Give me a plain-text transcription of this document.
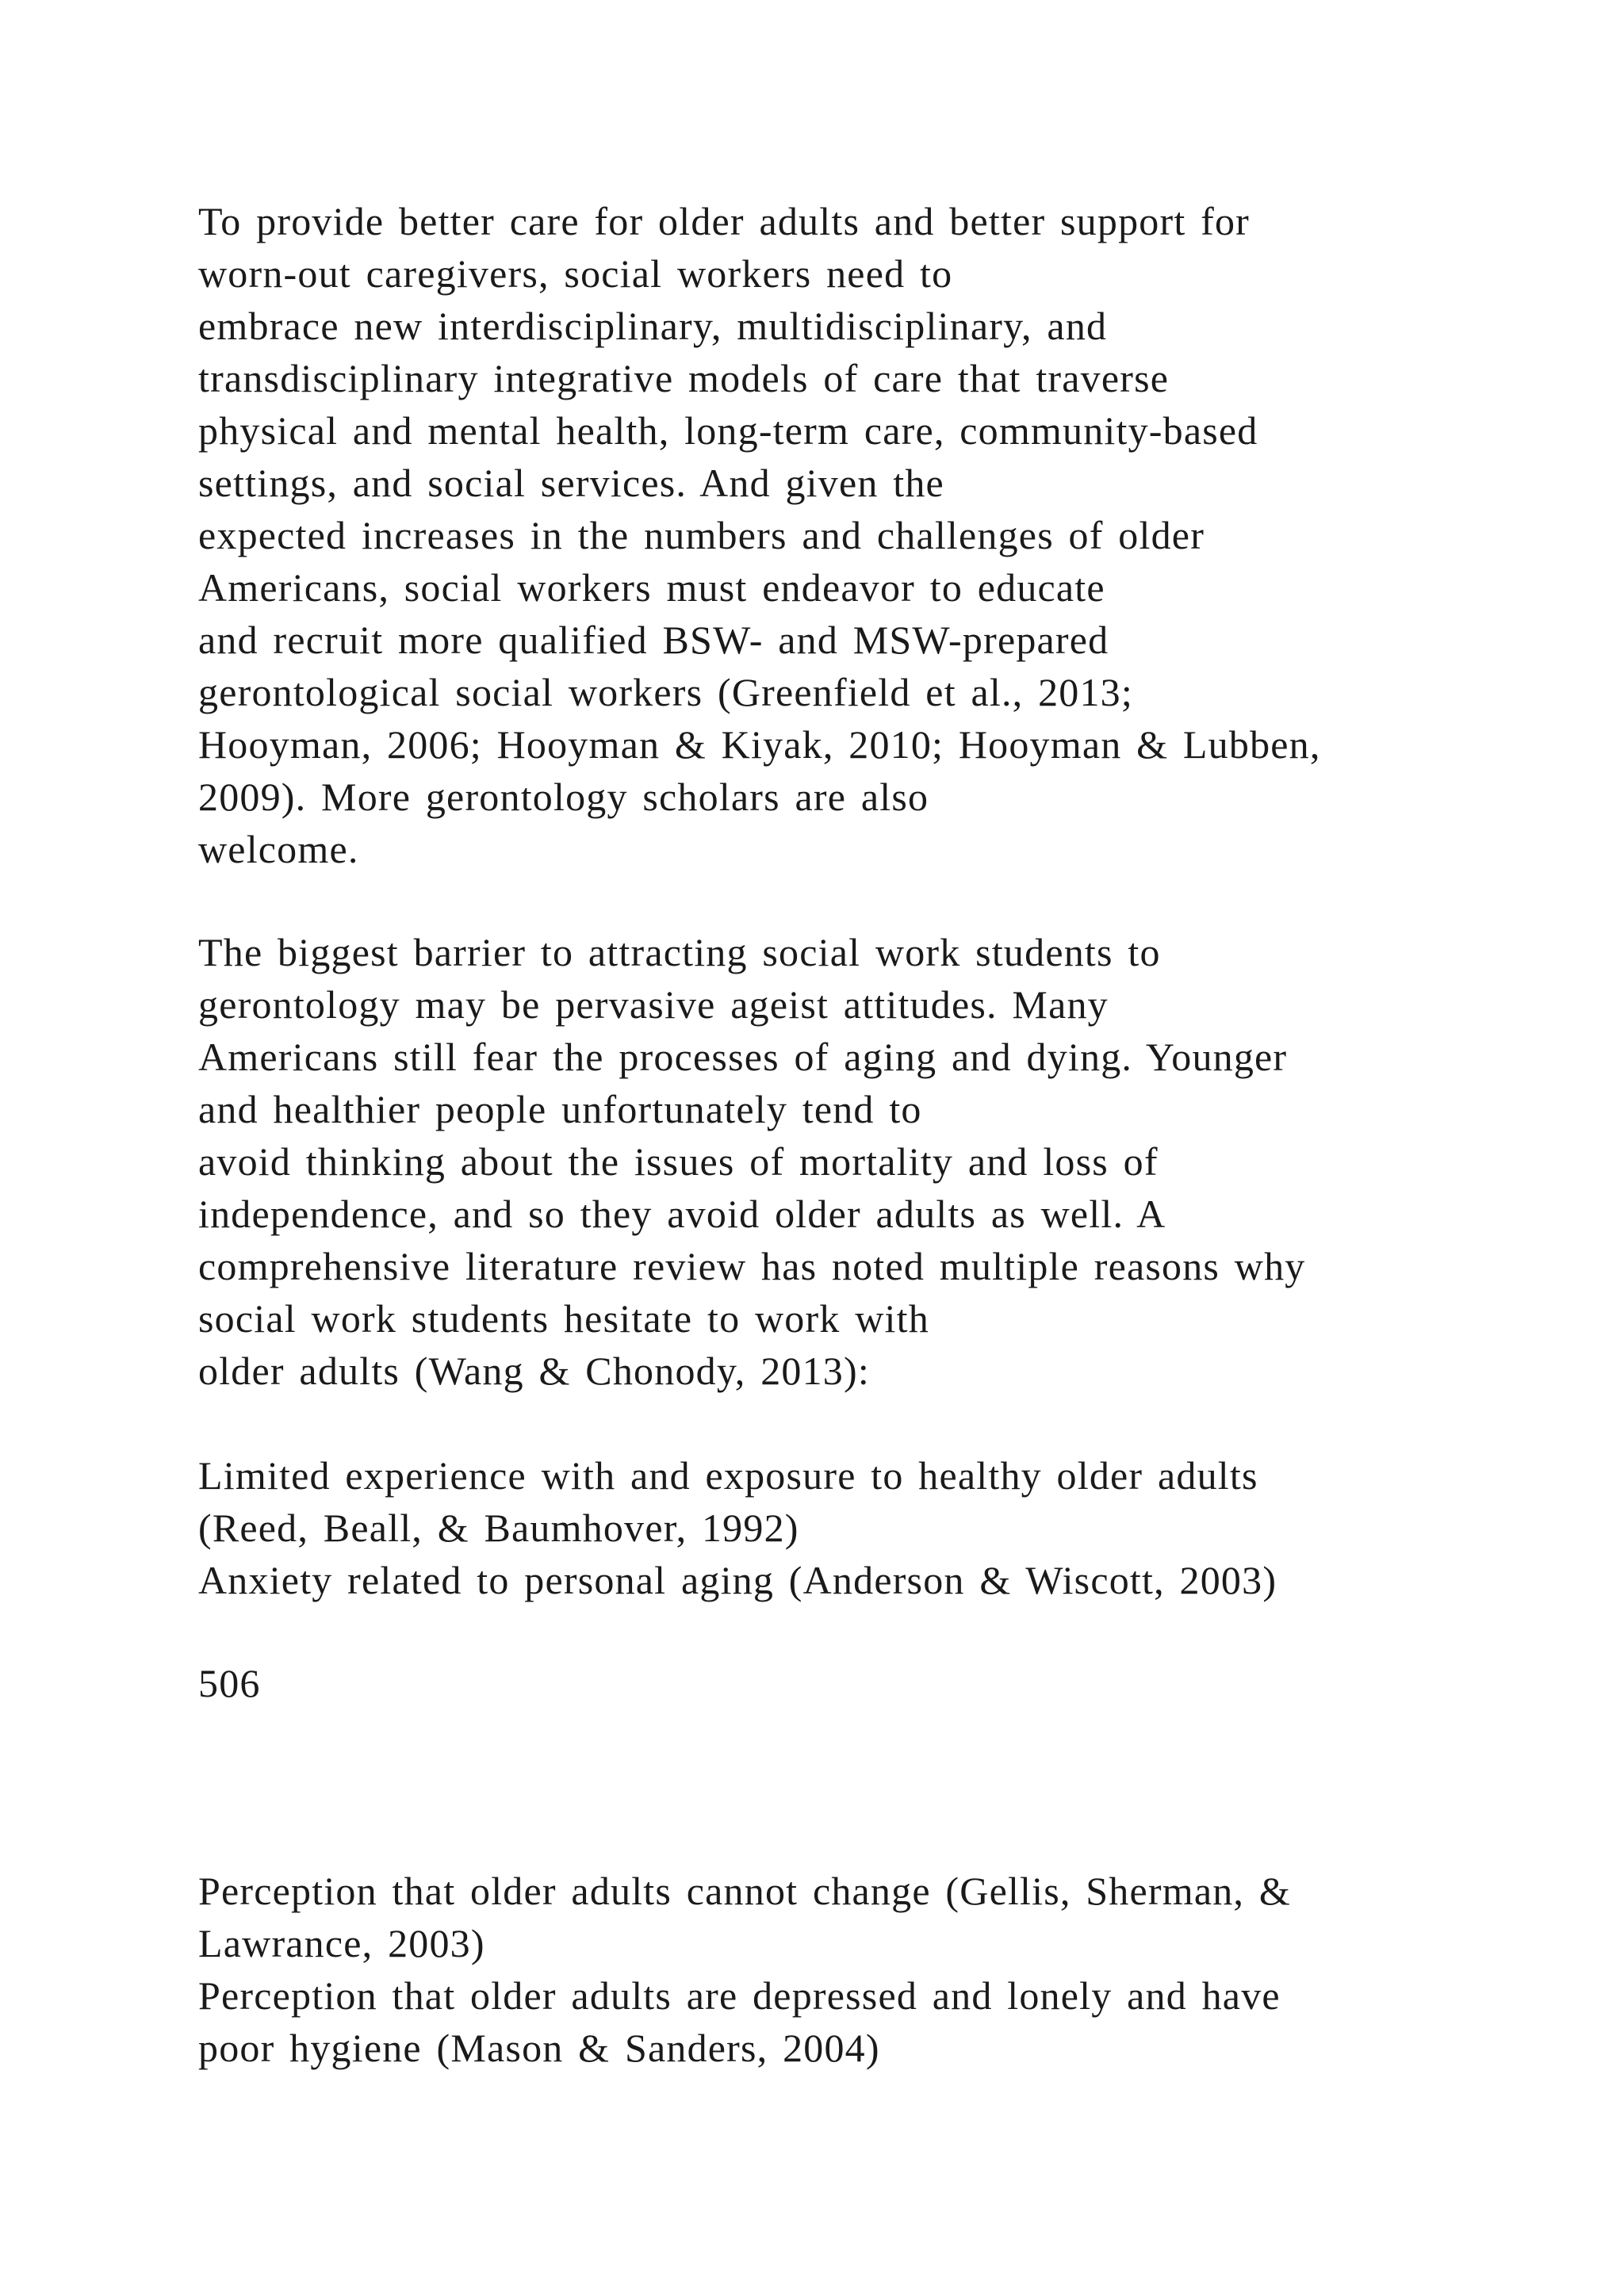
To provide better care for older adults and better support for
worn-out caregivers, social workers need to
embrace new interdisciplinary, multidisciplinary, and
transdisciplinary integrative models of care that traverse
physical and mental health, long-term care, community-based
settings, and social services. And given the
expected increases in the numbers and challenges of older
Americans, social workers must endeavor to educate
and recruit more qualified BSW- and MSW-prepared
gerontological social workers (Greenfield et al., 2013;
Hooyman, 2006; Hooyman & Kiyak, 2010; Hooyman & Lubben,
2009). More gerontology scholars are also
welcome.
The biggest barrier to attracting social work students to
gerontology may be pervasive ageist attitudes. Many
Americans still fear the processes of aging and dying. Younger
and healthier people unfortunately tend to
avoid thinking about the issues of mortality and loss of
independence, and so they avoid older adults as well. A
comprehensive literature review has noted multiple reasons why
social work students hesitate to work with
older adults (Wang & Chonody, 2013):
Limited experience with and exposure to healthy older adults
(Reed, Beall, & Baumhover, 1992)
Anxiety related to personal aging (Anderson & Wiscott, 2003)
506
Perception that older adults cannot change (Gellis, Sherman, &
Lawrance, 2003)
Perception that older adults are depressed and lonely and have
poor hygiene (Mason & Sanders, 2004)
